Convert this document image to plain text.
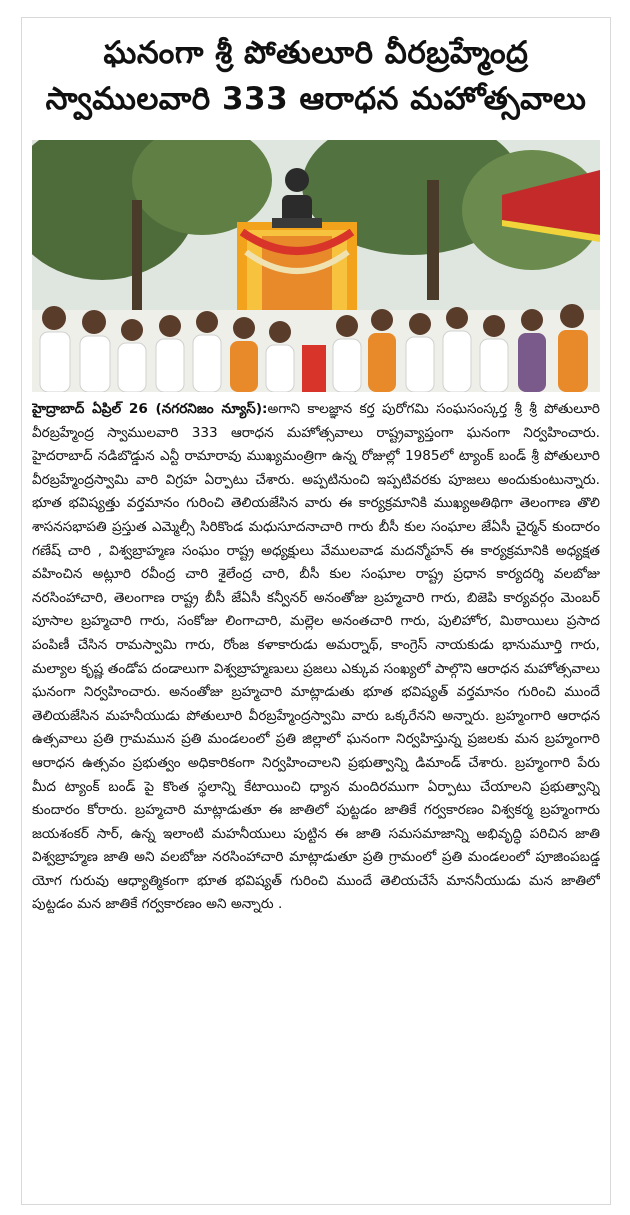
ఘనంగా శ్రీ పోతులూరి వీరబ్రహ్మేంద్ర
స్వాములవారి 333 ఆరాధన మహోత్సవాలు
హైద్రాబాద్ ఏప్రిల్ 26 (నగరనిజం న్యూస్):అగాని కాలజ్ఞాన కర్త పురోగమి సంఘసంస్కర్త శ్రీ శ్రీ పోతులూరి వీరబ్రహ్మేంద్ర స్వాములవారి 333 ఆరాధన మహోత్సవాలు రాష్ట్రవ్యాప్తంగా ఘనంగా నిర్వహించారు. హైదరాబాద్ నడిబొడ్డున ఎన్టీ రామారావు ముఖ్యమంత్రిగా ఉన్న రోజుల్లో 1985లో ట్యాంక్ బండ్ శ్రీ పోతులూరి వీరబ్రహ్మేంద్రస్వామి వారి విగ్రహ ఏర్పాటు చేశారు. అప్పటినుంచి ఇప్పటివరకు పూజలు అందుకుంటున్నారు. భూత భవిష్యత్తు వర్తమానం గురించి తెలియజేసిన వారు ఈ కార్యక్రమానికి ముఖ్యఅతిథిగా తెలంగాణ తొలి శాసనసభాపతి ప్రస్తుత ఎమ్మెల్సీ సిరికొండ మధుసూదనాచారి గారు బీసీ కుల సంఘాల జేఏసీ చైర్మన్ కుందారం గణేష్ చారి , విశ్వబ్రాహ్మణ సంఘం రాష్ట్ర అధ్యక్షులు వేములవాడ మదన్మోహన్ ఈ కార్యక్రమానికి అధ్యక్షత వహించిన అట్లూరి రవీంద్ర చారి శైలేంద్ర చారి, బీసీ కుల సంఘాల రాష్ట్ర ప్రధాన కార్యదర్శి వలబోజు నరసింహాచారి, తెలంగాణ రాష్ట్ర బీసీ జేఏసీ కన్వీనర్ అనంతోజు బ్రహ్మచారి గారు, బిజెపి కార్యవర్గం మెంబర్ పూసాల బ్రహ్మచారి గారు, సంకోజు లింగాచారి, మల్లెల అనంతచారి గారు, పులిహోర, మిఠాయిలు ప్రసాద పంపిణీ చేసిన రామస్వామి గారు, రోంజ కళాకారుడు అమర్నాథ్, కాంగ్రెస్ నాయకుడు భానుమూర్తి గారు, మల్యాల కృష్ణ తండోప దండాలుగా విశ్వబ్రాహ్మణులు ప్రజలు ఎక్కువ సంఖ్యలో పాల్గొని ఆరాధన మహోత్సవాలు ఘనంగా నిర్వహించారు. అనంతోజు బ్రహ్మచారి మాట్లాడుతు భూత భవిష్యత్ వర్తమానం గురించి ముందే తెలియజేసిన మహనీయుడు పోతులూరి వీరబ్రహ్మేంద్రస్వామి వారు ఒక్కరేనని అన్నారు. బ్రహ్మంగారి ఆరాధన ఉత్సవాలు ప్రతి గ్రామమున ప్రతి మండలంలో ప్రతి జిల్లాలో ఘనంగా నిర్వహిస్తున్న ప్రజలకు మన బ్రహ్మంగారి ఆరాధన ఉత్సవం ప్రభుత్వం అధికారికంగా నిర్వహించాలని ప్రభుత్వాన్ని డిమాండ్ చేశారు. బ్రహ్మంగారి పేరు మీద ట్యాంక్ బండ్ పై కొంత స్థలాన్ని కేటాయించి ధ్యాన మందిరముగా ఏర్పాటు చేయాలని ప్రభుత్వాన్ని కుందారం కోరారు. బ్రహ్మచారి మాట్లాడుతూ ఈ జాతిలో పుట్టడం జాతికే గర్వకారణం విశ్వకర్మ బ్రహ్మంగారు జయశంకర్ సార్, ఉన్న ఇలాంటి మహనీయులు పుట్టిన ఈ జాతి సమసమాజాన్ని అభివృద్ధి పరిచిన జాతి విశ్వబ్రాహ్మణ జాతి అని వలబోజు నరసింహాచారి మాట్లాడుతూ ప్రతి గ్రామంలో ప్రతి మండలంలో పూజింపబడ్డ యోగ గురువు ఆధ్యాత్మికంగా భూత భవిష్యత్ గురించి ముందే తెలియచేసే మాననీయుడు మన జాతిలో పుట్టడం మన జాతికే గర్వకారణం అని అన్నారు .
